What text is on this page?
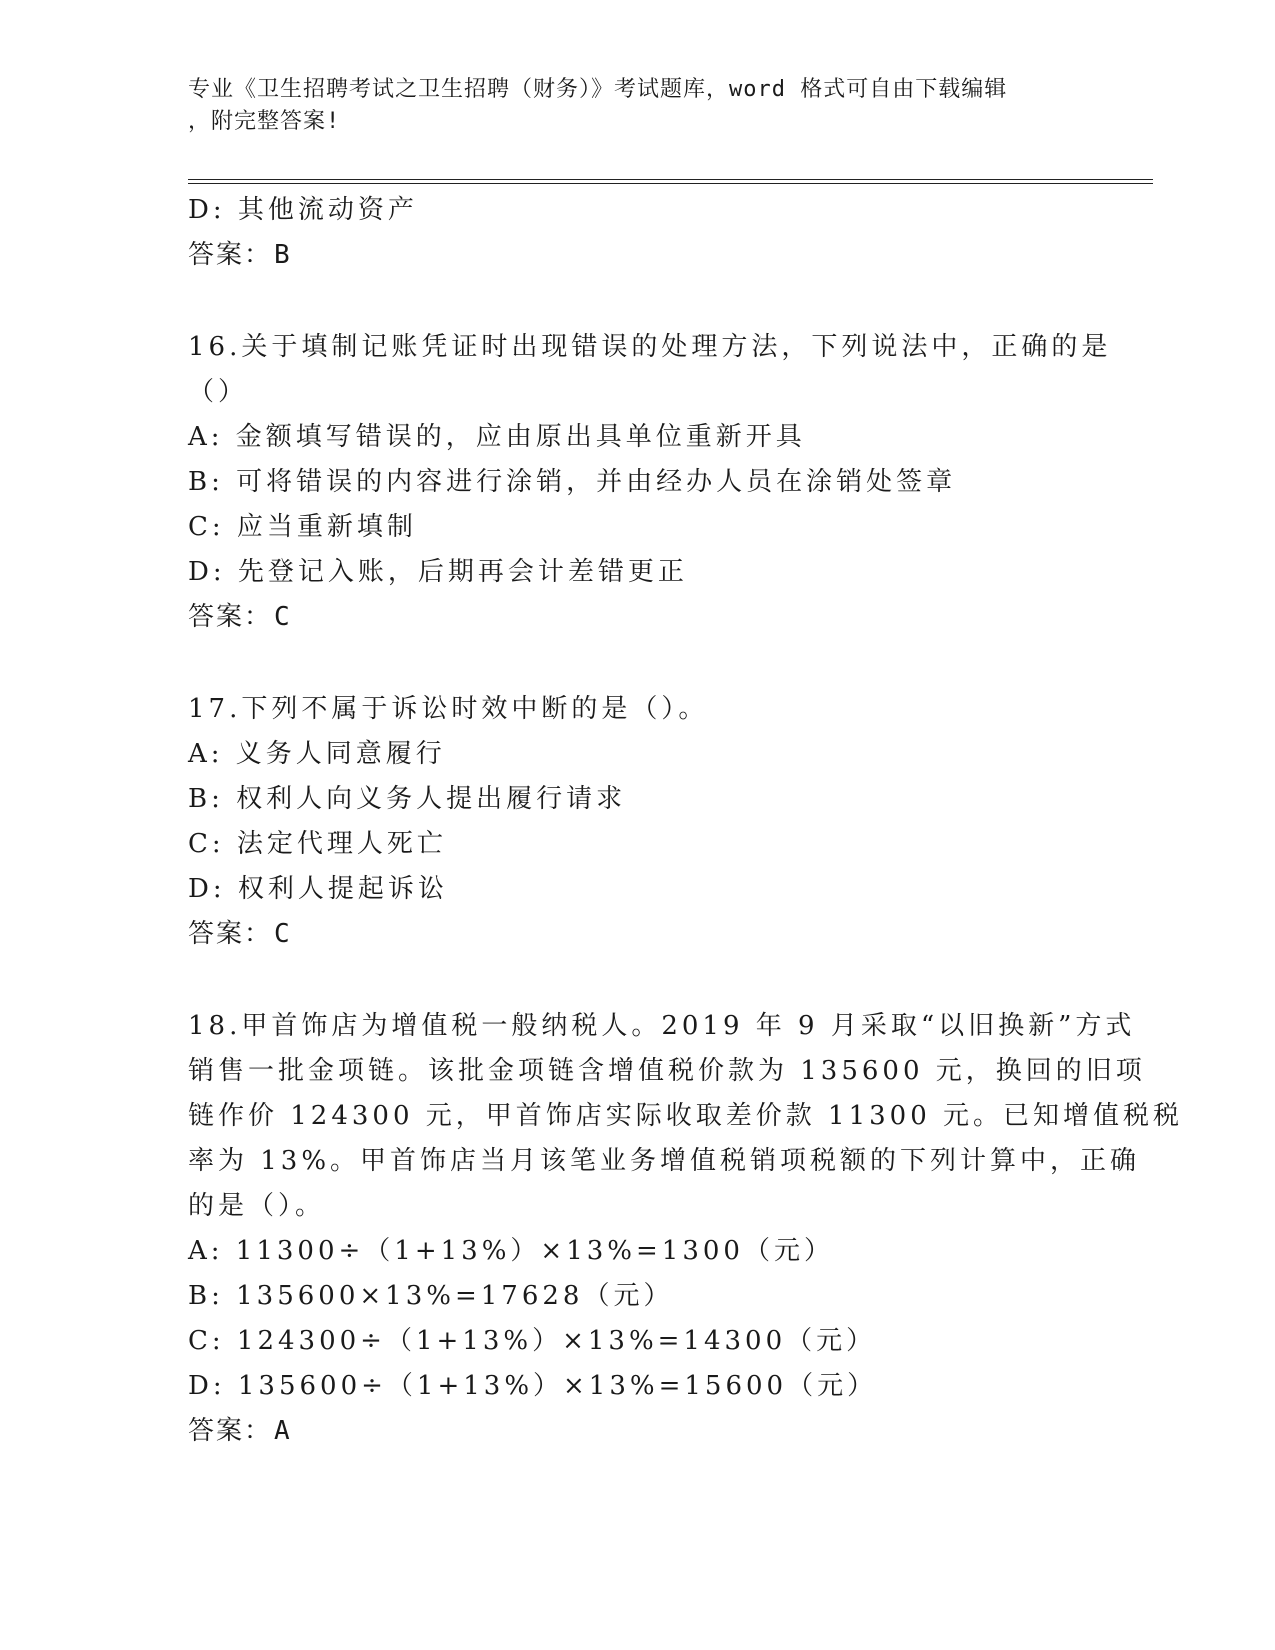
专业《卫生招聘考试之卫生招聘（财务）》考试题库，word 格式可自由下载编辑
，附完整答案!
D: 其他流动资产
答案：B
16.关于填制记账凭证时出现错误的处理方法，下列说法中，正确的是
（）
A: 金额填写错误的，应由原出具单位重新开具
B: 可将错误的内容进行涂销，并由经办人员在涂销处签章
C: 应当重新填制
D: 先登记入账，后期再会计差错更正
答案：C
17.下列不属于诉讼时效中断的是（）。
A: 义务人同意履行
B: 权利人向义务人提出履行请求
C: 法定代理人死亡
D: 权利人提起诉讼
答案：C
18.甲首饰店为增值税一般纳税人。2019 年 9 月采取“以旧换新”方式
销售一批金项链。该批金项链含增值税价款为 135600 元，换回的旧项
链作价 124300 元，甲首饰店实际收取差价款 11300 元。已知增值税税
率为 13%。甲首饰店当月该笔业务增值税销项税额的下列计算中，正确
的是（）。
A: 11300÷（1+13%）×13%=1300（元）
B: 135600×13%=17628（元）
C: 124300÷（1+13%）×13%=14300（元）
D: 135600÷（1+13%）×13%=15600（元）
答案：A
